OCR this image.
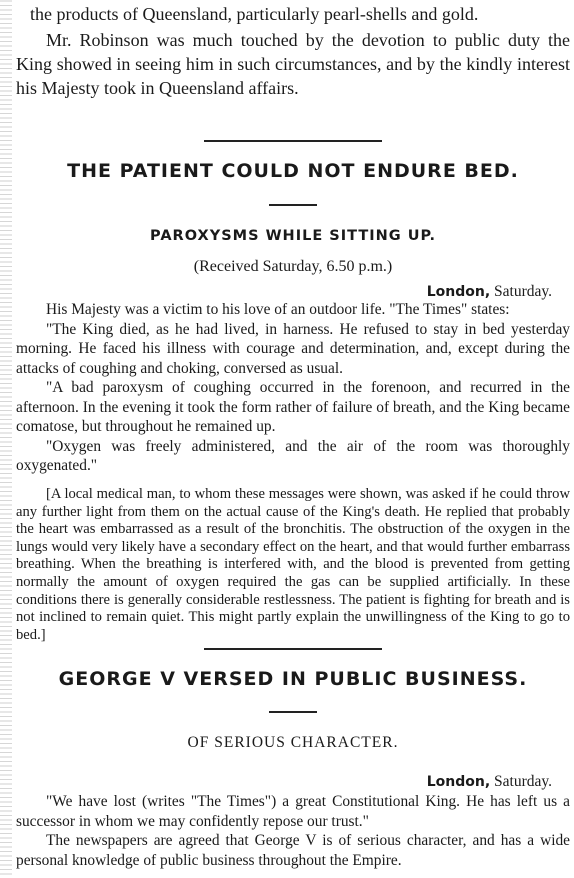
the products of Queensland, particularly pearl-shells and gold.

Mr. Robinson was much touched by the devotion to public duty the King showed in seeing him in such circumstances, and by the kindly interest his Majesty took in Queensland affairs.

THE PATIENT COULD NOT ENDURE BED.
PAROXYSMS WHILE SITTING UP.
(Received Saturday, 6.50 p.m.)
London, Saturday.

His Majesty was a victim to his love of an outdoor life. "The Times" states:

"The King died, as he had lived, in harness. He refused to stay in bed yesterday morning. He faced his illness with courage and determination, and, except during the attacks of coughing and choking, conversed as usual.

"A bad paroxysm of coughing occurred in the forenoon, and recurred in the afternoon. In the evening it took the form rather of failure of breath, and the King became comatose, but throughout he remained up.

"Oxygen was freely administered, and the air of the room was thoroughly oxygenated."

[A local medical man, to whom these messages were shown, was asked if he could throw any further light from them on the actual cause of the King's death. He replied that probably the heart was embarrassed as a result of the bronchitis. The obstruction of the oxygen in the lungs would very likely have a secondary effect on the heart, and that would further embarrass breathing. When the breathing is interfered with, and the blood is prevented from getting normally the amount of oxygen required the gas can be supplied artificially. In these conditions there is generally considerable restlessness. The patient is fighting for breath and is not inclined to remain quiet. This might partly explain the unwillingness of the King to go to bed.]

GEORGE V VERSED IN PUBLIC BUSINESS.
OF SERIOUS CHARACTER.
London, Saturday.

"We have lost (writes "The Times") a great Constitutional King. He has left us a successor in whom we may confidently repose our trust."

The newspapers are agreed that George V is of serious character, and has a wide personal knowledge of public business throughout the Empire.
